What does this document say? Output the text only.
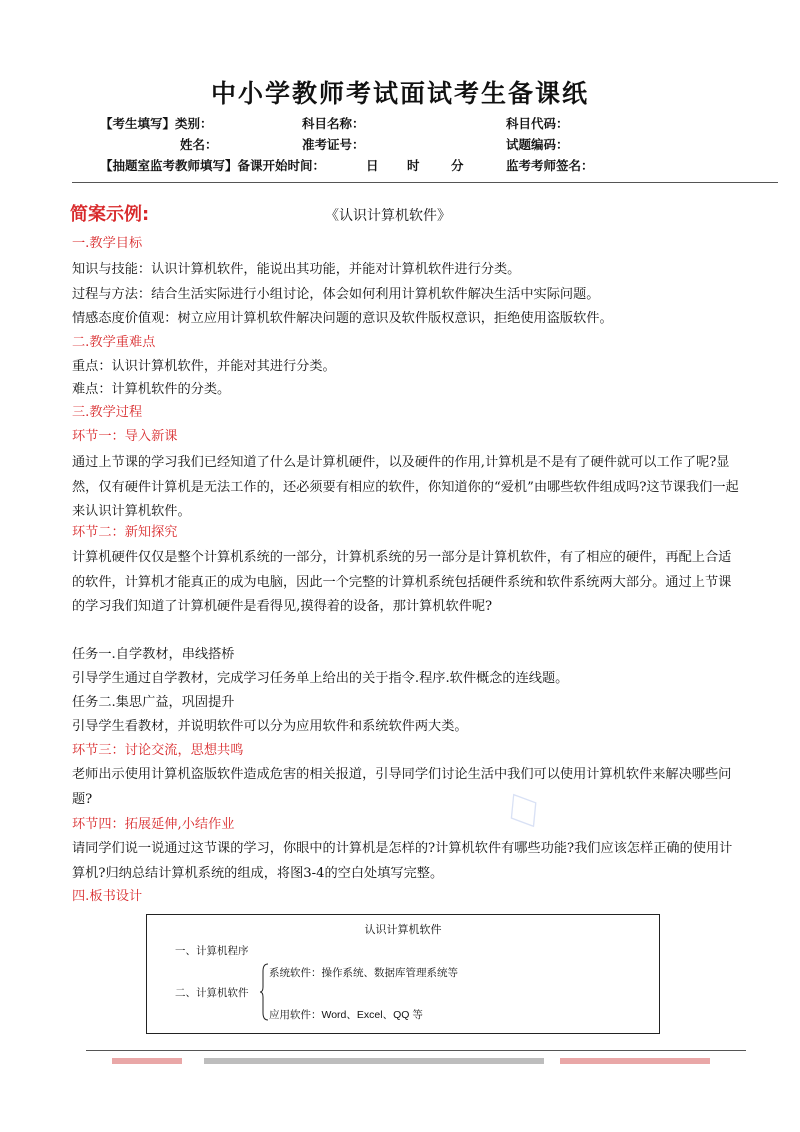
中小学教师考试面试考生备课纸
【考生填写】类别：	科目名称：	科目代码：
姓名：	准考证号：	试题编码：
【抽题室监考教师填写】备课开始时间：	日 时	分	监考考师签名：
简案示例:	《认识计算机软件》
一.教学目标
知识与技能：认识计算机软件，能说出其功能，并能对计算机软件进行分类。
过程与方法：结合生活实际进行小组讨论，体会如何利用计算机软件解决生活中实际问题。
情感态度价值观：树立应用计算机软件解决问题的意识及软件版权意识，拒绝使用盗版软件。
二.教学重难点
重点：认识计算机软件，并能对其进行分类。
难点：计算机软件的分类。
三.教学过程
环节一：导入新课
通过上节课的学习我们已经知道了什么是计算机硬件，以及硬件的作用,计算机是不是有了硬件就可以工作了呢?显然，仅有硬件计算机是无法工作的，还必须要有相应的软件，你知道你的“爱机”由哪些软件组成吗?这节课我们一起来认识计算机软件。
环节二：新知探究
计算机硬件仅仅是整个计算机系统的一部分，计算机系统的另一部分是计算机软件，有了相应的硬件，再配上合适的软件，计算机才能真正的成为电脑，因此一个完整的计算机系统包括硬件系统和软件系统两大部分。通过上节课的学习我们知道了计算机硬件是看得见,摸得着的设备，那计算机软件呢?
任务一.自学教材，串线搭桥
引导学生通过自学教材，完成学习任务单上给出的关于指令.程序.软件概念的连线题。
任务二.集思广益，巩固提升
引导学生看教材，并说明软件可以分为应用软件和系统软件两大类。
环节三：讨论交流，思想共鸣
老师出示使用计算机盗版软件造成危害的相关报道，引导同学们讨论生活中我们可以使用计算机软件来解决哪些问题?
环节四：拓展延伸,小结作业
请同学们说一说通过这节课的学习，你眼中的计算机是怎样的?计算机软件有哪些功能?我们应该怎样正确的使用计算机?归纳总结计算机系统的组成，将图3-4的空白处填写完整。
四.板书设计
认识计算机软件
一、计算机程序
二、计算机软件
系统软件：操作系统、数据库管理系统等
应用软件：Word、Excel、QQ 等
♢
